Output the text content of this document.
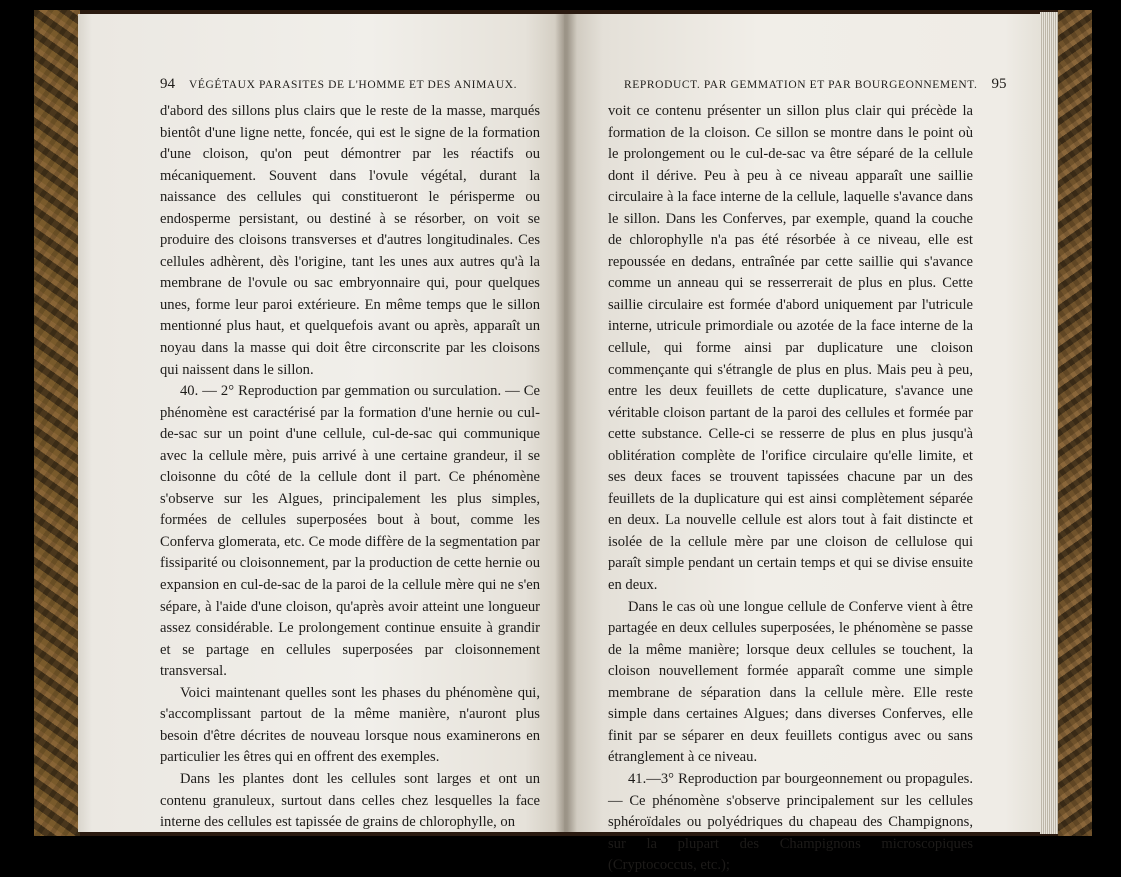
94 VÉGÉTAUX PARASITES DE L'HOMME ET DES ANIMAUX.

d'abord des sillons plus clairs que le reste de la masse, marqués bientôt d'une ligne nette, foncée, qui est le signe de la formation d'une cloison, qu'on peut démontrer par les réactifs ou mécaniquement. Souvent dans l'ovule végétal, durant la naissance des cellules qui constitueront le périsperme ou endosperme persistant, ou destiné à se résorber, on voit se produire des cloisons transverses et d'autres longitudinales. Ces cellules adhèrent, dès l'origine, tant les unes aux autres qu'à la membrane de l'ovule ou sac embryonnaire qui, pour quelques unes, forme leur paroi extérieure. En même temps que le sillon mentionné plus haut, et quelquefois avant ou après, apparaît un noyau dans la masse qui doit être circonscrite par les cloisons qui naissent dans le sillon.

40. — 2° Reproduction par gemmation ou surculation. — Ce phénomène est caractérisé par la formation d'une hernie ou cul-de-sac sur un point d'une cellule, cul-de-sac qui communique avec la cellule mère, puis arrivé à une certaine grandeur, il se cloisonne du côté de la cellule dont il part. Ce phénomène s'observe sur les Algues, principalement les plus simples, formées de cellules superposées bout à bout, comme les Conferva glomerata, etc. Ce mode diffère de la segmentation par fissiparité ou cloisonnement, par la production de cette hernie ou expansion en cul-de-sac de la paroi de la cellule mère qui ne s'en sépare, à l'aide d'une cloison, qu'après avoir atteint une longueur assez considérable. Le prolongement continue ensuite à grandir et se partage en cellules superposées par cloisonnement transversal.

Voici maintenant quelles sont les phases du phénomène qui, s'accomplissant partout de la même manière, n'auront plus besoin d'être décrites de nouveau lorsque nous examinerons en particulier les êtres qui en offrent des exemples.

Dans les plantes dont les cellules sont larges et ont un contenu granuleux, surtout dans celles chez lesquelles la face interne des cellules est tapissée de grains de chlorophylle, on

REPRODUCT. PAR GEMMATION ET PAR BOURGEONNEMENT. 95

voit ce contenu présenter un sillon plus clair qui précède la formation de la cloison. Ce sillon se montre dans le point où le prolongement ou le cul-de-sac va être séparé de la cellule dont il dérive. Peu à peu à ce niveau apparaît une saillie circulaire à la face interne de la cellule, laquelle s'avance dans le sillon. Dans les Conferves, par exemple, quand la couche de chlorophylle n'a pas été résorbée à ce niveau, elle est repoussée en dedans, entraînée par cette saillie qui s'avance comme un anneau qui se resserrerait de plus en plus. Cette saillie circulaire est formée d'abord uniquement par l'utricule interne, utricule primordiale ou azotée de la face interne de la cellule, qui forme ainsi par duplicature une cloison commençante qui s'étrangle de plus en plus. Mais peu à peu, entre les deux feuillets de cette duplicature, s'avance une véritable cloison partant de la paroi des cellules et formée par cette substance. Celle-ci se resserre de plus en plus jusqu'à oblitération complète de l'orifice circulaire qu'elle limite, et ses deux faces se trouvent tapissées chacune par un des feuillets de la duplicature qui est ainsi complètement séparée en deux. La nouvelle cellule est alors tout à fait distincte et isolée de la cellule mère par une cloison de cellulose qui paraît simple pendant un certain temps et qui se divise ensuite en deux.

Dans le cas où une longue cellule de Conferve vient à être partagée en deux cellules superposées, le phénomène se passe de la même manière; lorsque deux cellules se touchent, la cloison nouvellement formée apparaît comme une simple membrane de séparation dans la cellule mère. Elle reste simple dans certaines Algues; dans diverses Conferves, elle finit par se séparer en deux feuillets contigus avec ou sans étranglement à ce niveau.

41.—3° Reproduction par bourgeonnement ou propagules.— Ce phénomène s'observe principalement sur les cellules sphéroïdales ou polyédriques du chapeau des Champignons, sur la plupart des Champignons microscopiques (Cryptococcus, etc.);
